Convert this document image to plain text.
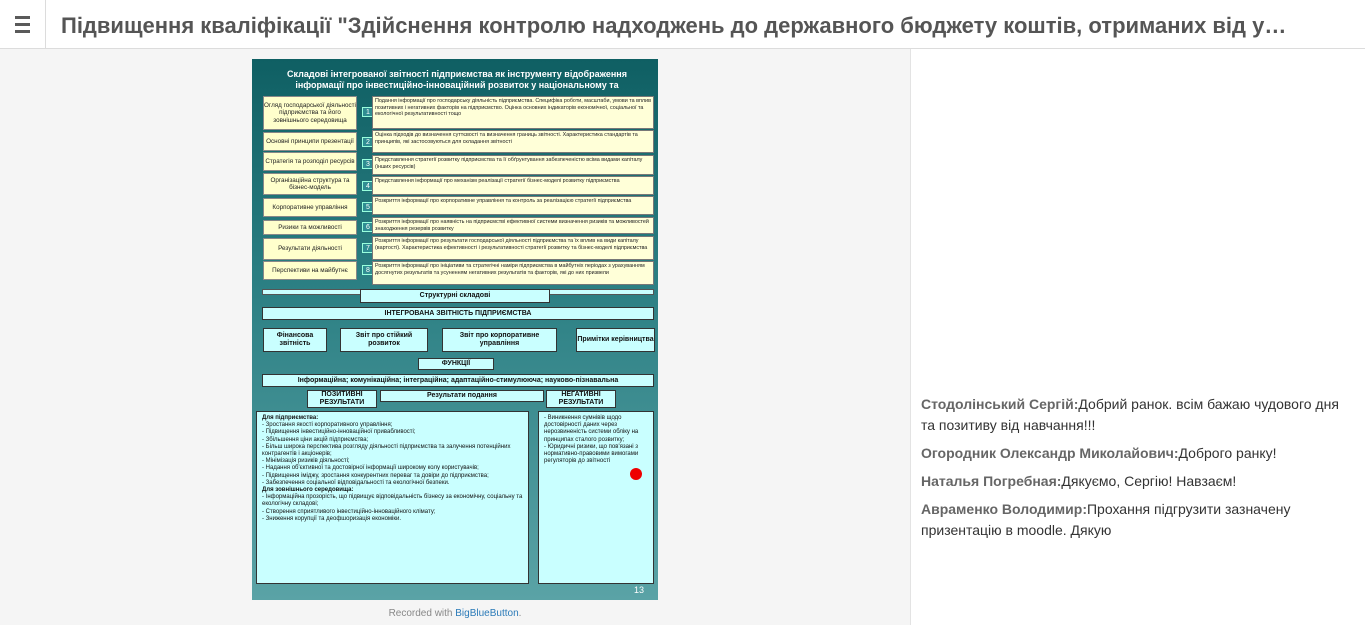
Підвищення кваліфікації "Здійснення контролю надходжень до державного бюджету коштів, отриманих від у…
Складові інтегрованої звітності підприємства як інструменту відображення інформації про інвестиційно-інноваційний розвиток у національному та
Огляд господарської діяльності підприємства та його зовнішнього середовища
1
Подання інформації про господарську діяльність підприємства. Специфіка роботи, масштаби, умови та вплив позитивних і негативних факторів на підприємство. Оцінка основних індикаторів економічної, соціальної та екологічної результативності тощо
Основні принципи презентації	2
Оцінка підходів до визначення суттєвості та визначення границь звітності. Характеристика стандартів та принципів, які застосовуються для складання звітності
Стратегія та розподіл ресурсів	3
Представлення стратегії розвитку підприємства та її обґрунтування забезпеченістю всіма видами капіталу (інших ресурсів)
Організаційна структура та бізнес-модель	4
Представлення інформації про механізм реалізації стратегії бізнес-моделі розвитку підприємства
Корпоративне управління	5
Розкриття інформації про корпоративне управління та контроль за реалізацією стратегії підприємства
Ризики та можливості	6
Розкриття інформації про наявність на підприємстві ефективної системи визначення ризиків та можливостей знаходження резервів розвитку
Результати діяльності	7
Розкриття інформації про результати господарської діяльності підприємства та їх вплив на види капіталу (вартості). Характеристика ефективності і результативності стратегії розвитку та бізнес-моделі підприємства
Перспективи на майбутнє	8
Розкриття інформації про ініціативи та стратегічні наміри підприємства в майбутніх періодах з урахуванням досягнутих результатів та усуненням негативних результатів та факторів, які до них призвели
Структурні складові
ІНТЕГРОВАНА ЗВІТНІСТЬ ПІДПРИЄМСТВА
Фінансова звітність
Звіт про стійкий розвиток
Звіт про корпоративне управління
Примітки керівництва
ФУНКЦІЇ
Інформаційна; комунікаційна; інтеграційна; адаптаційно-стимулююча; науково-пізнавальна
ПОЗИТИВНІ РЕЗУЛЬТАТИ
Результати подання	НЕГАТИВНІ РЕЗУЛЬТАТИ
Для підприємства:
- Зростання якості корпоративного управління;
- Підвищення інвестиційно-інноваційної привабливості;
- Збільшення ціни акцій підприємства;
- Більш широка перспектива розгляду діяльності підприємства та залучення потенційних контрагентів і акціонерів;
- Мінімізація ризиків діяльності;
- Надання об'єктивної та достовірної інформації широкому колу користувачів;
- Підвищення іміджу, зростання конкурентних переваг та довіри до підприємства;
- Забезпечення соціальної відповідальності та екологічної безпеки.
Для зовнішнього середовища:
- Інформаційна прозорість, що підвищує відповідальність бізнесу за економічну, соціальну та екологічну складові;
- Створення сприятливого інвестиційно-інноваційного клімату;
- Зниження корупції та деофшоризація економіки.
- Виникнення сумнівів щодо достовірності даних через нерозвиненість системи обліку на принципах сталого розвитку;
- Юридичні ризики, що пов'язані з нормативно-правовими вимогами регуляторів до звітності
13
Recorded with BigBlueButton.
Стодолінський Сергій:Добрий ранок. всім бажаю чудового дня та позитиву від навчання!!!
Огородник Олександр Миколайович:Доброго ранку!
Наталья Погребная:Дякуємо, Сергію! Навзаєм!
Авраменко Володимир:Прохання підгрузити зазначену призентацію в moodle. Дякую
